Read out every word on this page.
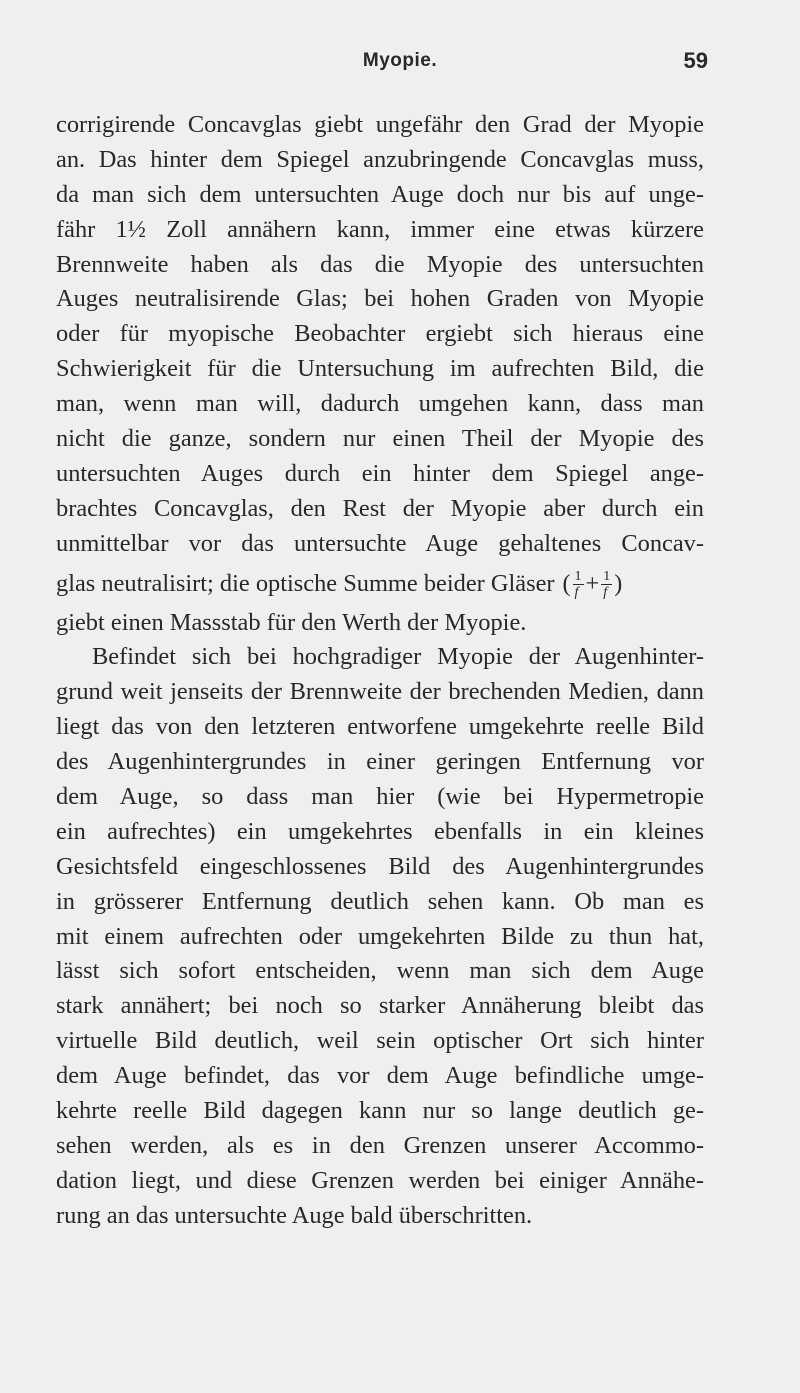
Myopie.	59
corrigirende Concavglas giebt ungefähr den Grad der Myopie
an. Das hinter dem Spiegel anzubringende Concavglas muss,
da man sich dem untersuchten Auge doch nur bis auf unge-
fähr 1½ Zoll annähern kann, immer eine etwas kürzere
Brennweite haben als das die Myopie des untersuchten
Auges neutralisirende Glas; bei hohen Graden von Myopie
oder für myopische Beobachter ergiebt sich hieraus eine
Schwierigkeit für die Untersuchung im aufrechten Bild, die
man, wenn man will, dadurch umgehen kann, dass man
nicht die ganze, sondern nur einen Theil der Myopie des
untersuchten Auges durch ein hinter dem Spiegel ange-
brachtes Concavglas, den Rest der Myopie aber durch ein
unmittelbar vor das untersuchte Auge gehaltenes Concav-
glas neutralisirt; die optische Summe beider Gläser ( $\frac{1}{f} + \frac{1}{f}$ )
giebt einen Massstab für den Werth der Myopie.
Befindet sich bei hochgradiger Myopie der Augenhinter-
grund weit jenseits der Brennweite der brechenden Medien, dann
liegt das von den letzteren entworfene umgekehrte reelle Bild
des Augenhintergrundes in einer geringen Entfernung vor
dem Auge, so dass man hier (wie bei Hypermetropie
ein aufrechtes) ein umgekehrtes ebenfalls in ein kleines
Gesichtsfeld eingeschlossenes Bild des Augenhintergrundes
in grösserer Entfernung deutlich sehen kann. Ob man es
mit einem aufrechten oder umgekehrten Bilde zu thun hat,
lässt sich sofort entscheiden, wenn man sich dem Auge
stark annähert; bei noch so starker Annäherung bleibt das
virtuelle Bild deutlich, weil sein optischer Ort sich hinter
dem Auge befindet, das vor dem Auge befindliche umge-
kehrte reelle Bild dagegen kann nur so lange deutlich ge-
sehen werden, als es in den Grenzen unserer Accommo-
dation liegt, und diese Grenzen werden bei einiger Annähe-
rung an das untersuchte Auge bald überschritten.
